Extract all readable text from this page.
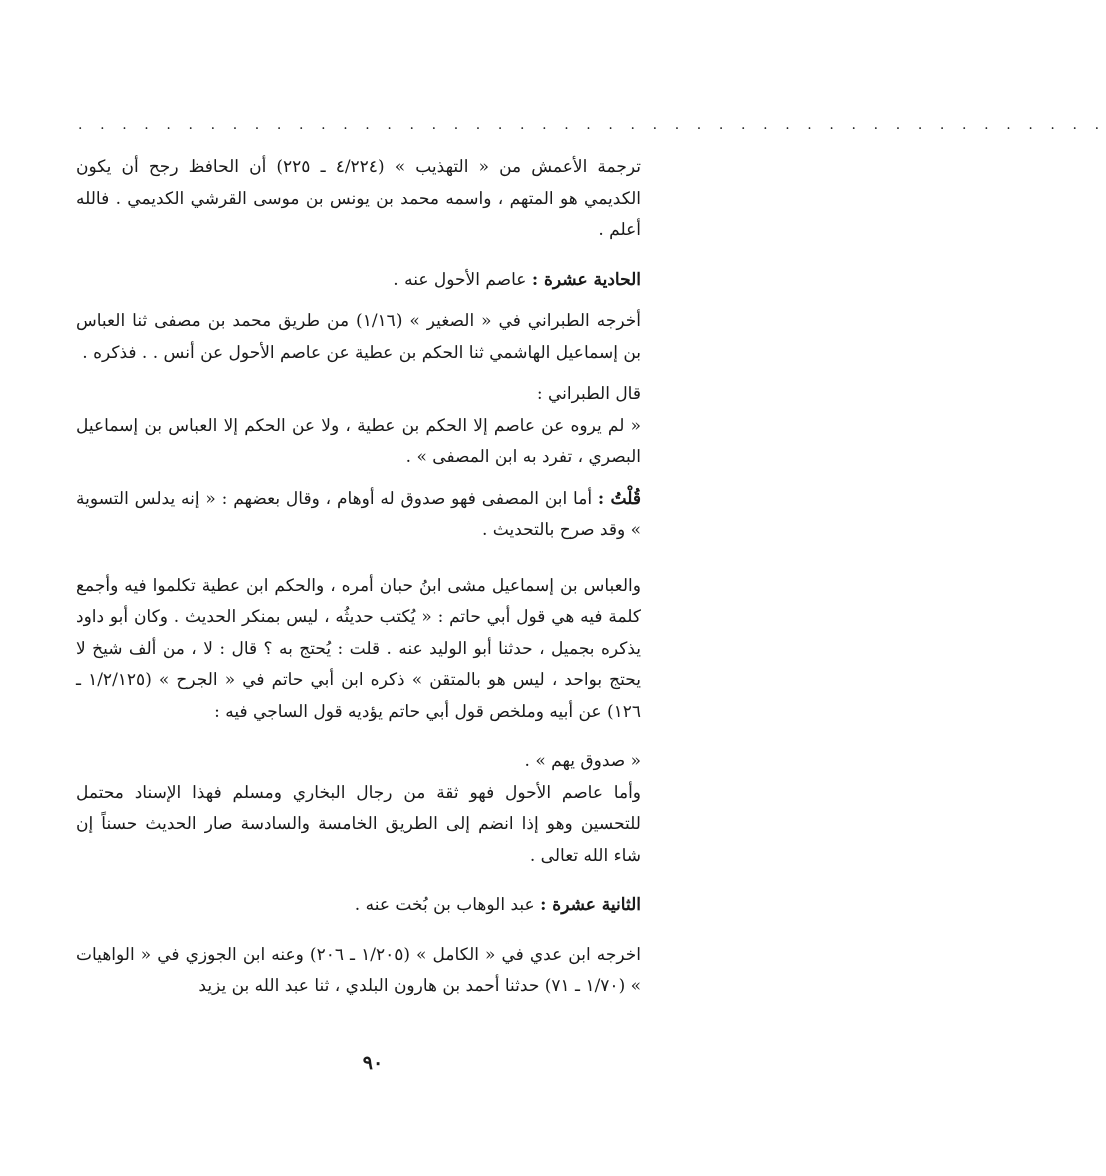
. . . . . . . . . . . . . . . . . . . . . . . . . . . . . . . . . . . . . . . . . . . . . . .

ترجمة الأعمش من « التهذيب » (٤/٢٢٤ ـ ٢٢٥) أن الحافظ رجح أن يكون الكديمي هو المتهم ، واسمه محمد بن يونس بن موسى القرشي الكديمي . فالله أعلم .

الحادية عشرة : عاصم الأحول عنه .

أخرجه الطبراني في « الصغير » (١/١٦) من طريق محمد بن مصفى ثنا العباس بن إسماعيل الهاشمي ثنا الحكم بن عطية عن عاصم الأحول عن أنس . . فذكره .

قال الطبراني :

« لم يروه عن عاصم إلا الحكم بن عطية ، ولا عن الحكم إلا العباس بن إسماعيل البصري ، تفرد به ابن المصفى » .

قُلْتُ : أما ابن المصفى فهو صدوق له أوهام ، وقال بعضهم : « إنه يدلس التسوية » وقد صرح بالتحديث .

والعباس بن إسماعيل مشى ابنُ حبان أمره ، والحكم ابن عطية تكلموا فيه وأجمع كلمة فيه هي قول أبي حاتم : « يُكتب حديثُه ، ليس بمنكر الحديث . وكان أبو داود يذكره بجميل ، حدثنا أبو الوليد عنه . قلت : يُحتج به ؟ قال : لا ، من ألف شيخ لا يحتج بواحد ، ليس هو بالمتقن » ذكره ابن أبي حاتم في « الجرح » (١/٢/١٢٥ ـ ١٢٦) عن أبيه وملخص قول أبي حاتم يؤديه قول الساجي فيه :

« صدوق يهم » .

وأما عاصم الأحول فهو ثقة من رجال البخاري ومسلم فهذا الإسناد محتمل للتحسين وهو إذا انضم إلى الطريق الخامسة والسادسة صار الحديث حسناً إن شاء الله تعالى .

الثانية عشرة : عبد الوهاب بن بُخت عنه .

اخرجه ابن عدي في « الكامل » (١/٢٠٥ ـ ٢٠٦) وعنه ابن الجوزي في « الواهيات » (١/٧٠ ـ ٧١) حدثنا أحمد بن هارون البلدي ، ثنا عبد الله بن يزيد

٩٠
